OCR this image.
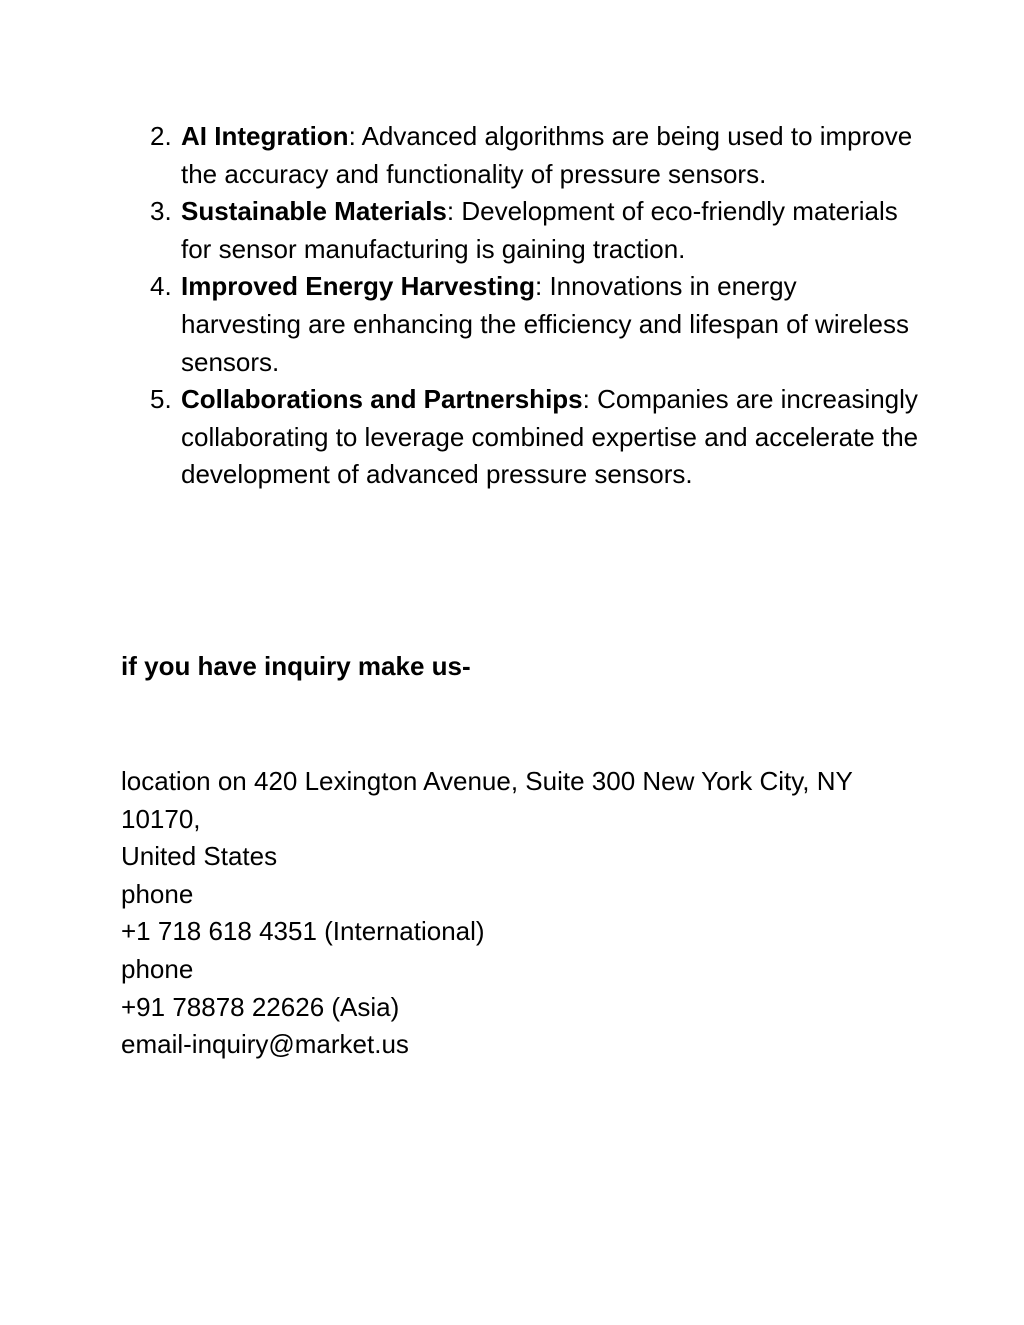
2. AI Integration: Advanced algorithms are being used to improve the accuracy and functionality of pressure sensors.
3. Sustainable Materials: Development of eco-friendly materials for sensor manufacturing is gaining traction.
4. Improved Energy Harvesting: Innovations in energy harvesting are enhancing the efficiency and lifespan of wireless sensors.
5. Collaborations and Partnerships: Companies are increasingly collaborating to leverage combined expertise and accelerate the development of advanced pressure sensors.

if you have inquiry make us-

location on 420 Lexington Avenue, Suite 300 New York City, NY 10170,
United States
phone
+1 718 618 4351 (International)
phone
+91 78878 22626 (Asia)
email-inquiry@market.us
